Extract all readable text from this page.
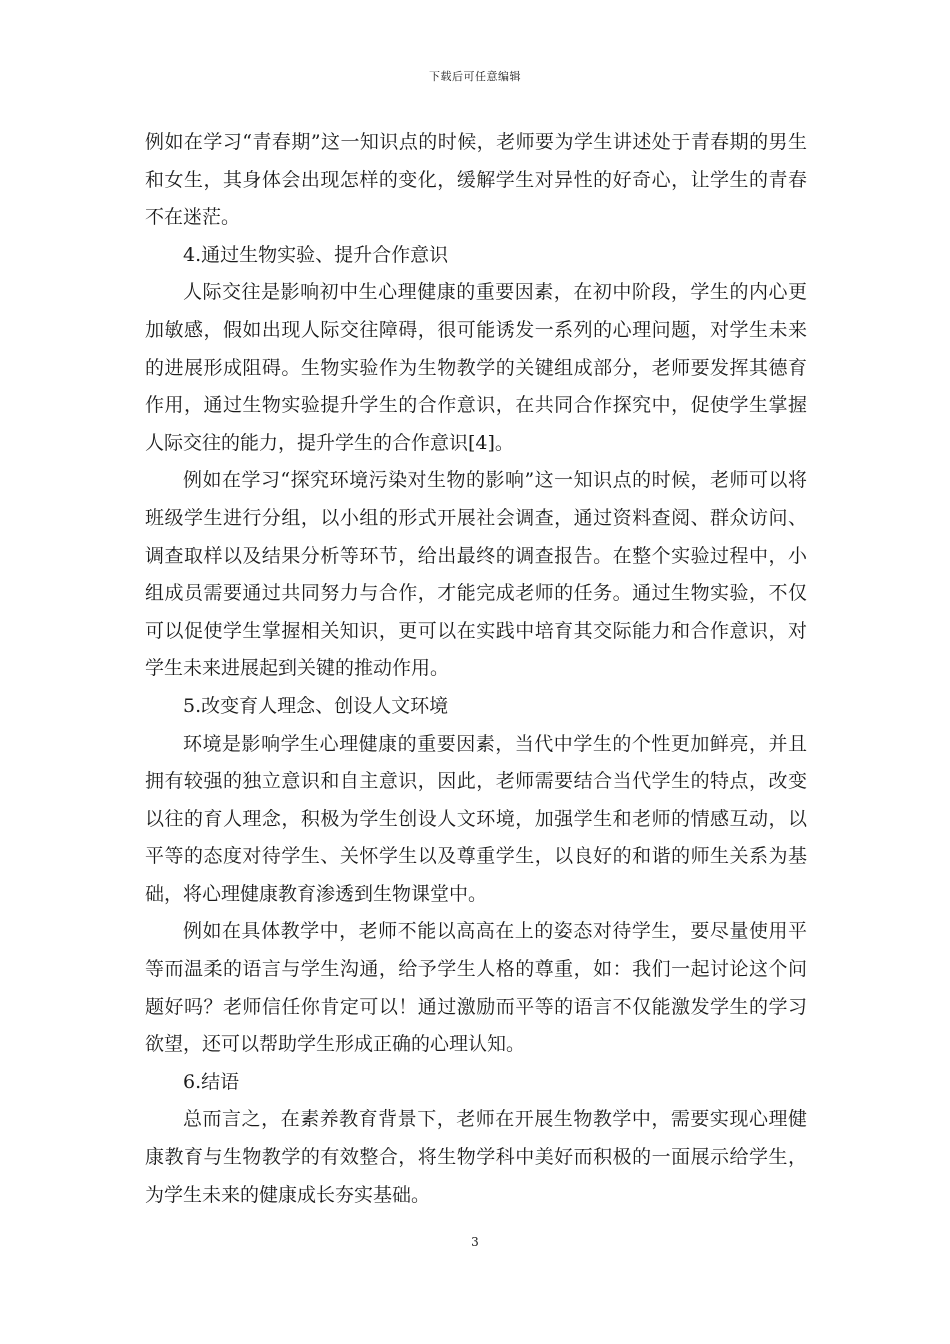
下载后可任意编辑

例如在学习“青春期”这一知识点的时候，老师要为学生讲述处于青春期的男生和女生，其身体会出现怎样的变化，缓解学生对异性的好奇心，让学生的青春不在迷茫。

4.通过生物实验、提升合作意识

人际交往是影响初中生心理健康的重要因素，在初中阶段，学生的内心更加敏感，假如出现人际交往障碍，很可能诱发一系列的心理问题，对学生未来的进展形成阻碍。生物实验作为生物教学的关键组成部分，老师要发挥其德育作用，通过生物实验提升学生的合作意识，在共同合作探究中，促使学生掌握人际交往的能力，提升学生的合作意识[4]。

例如在学习“探究环境污染对生物的影响”这一知识点的时候，老师可以将班级学生进行分组，以小组的形式开展社会调查，通过资料查阅、群众访问、调查取样以及结果分析等环节，给出最终的调查报告。在整个实验过程中，小组成员需要通过共同努力与合作，才能完成老师的任务。通过生物实验，不仅可以促使学生掌握相关知识，更可以在实践中培育其交际能力和合作意识，对学生未来进展起到关键的推动作用。

5.改变育人理念、创设人文环境

环境是影响学生心理健康的重要因素，当代中学生的个性更加鲜亮，并且拥有较强的独立意识和自主意识，因此，老师需要结合当代学生的特点，改变以往的育人理念，积极为学生创设人文环境，加强学生和老师的情感互动，以平等的态度对待学生、关怀学生以及尊重学生，以良好的和谐的师生关系为基础，将心理健康教育渗透到生物课堂中。

例如在具体教学中，老师不能以高高在上的姿态对待学生，要尽量使用平等而温柔的语言与学生沟通，给予学生人格的尊重，如：我们一起讨论这个问题好吗？老师信任你肯定可以！通过激励而平等的语言不仅能激发学生的学习欲望，还可以帮助学生形成正确的心理认知。

6.结语

总而言之，在素养教育背景下，老师在开展生物教学中，需要实现心理健康教育与生物教学的有效整合，将生物学科中美好而积极的一面展示给学生，为学生未来的健康成长夯实基础。

3
